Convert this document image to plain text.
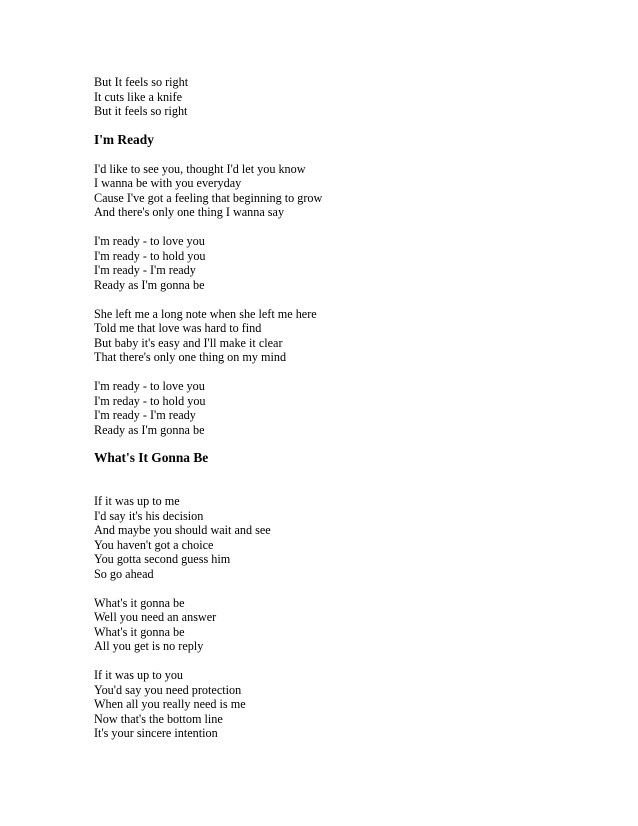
But It feels so right
It cuts like a knife
But it feels so right
I'm Ready
I'd like to see you, thought I'd let you know
I wanna be with you everyday
Cause I've got a feeling that beginning to grow
And there's only one thing I wanna say
I'm ready - to love you
I'm ready - to hold you
I'm ready - I'm ready
Ready as I'm gonna be
She left me a long note when she left me here
Told me that love was hard to find
But baby it's easy and I'll make it clear
That there's only one thing on my mind
I'm ready - to love you
I'm reday - to hold you
I'm ready - I'm ready
Ready as I'm gonna be
What's It Gonna Be
If it was up to me
I'd say it's his decision
And maybe you should wait and see
You haven't got a choice
You gotta second guess him
So go ahead
What's it gonna be
Well you need an answer
What's it gonna be
All you get is no reply
If it was up to you
You'd say you need protection
When all you really need is me
Now that's the bottom line
It's your sincere intention
